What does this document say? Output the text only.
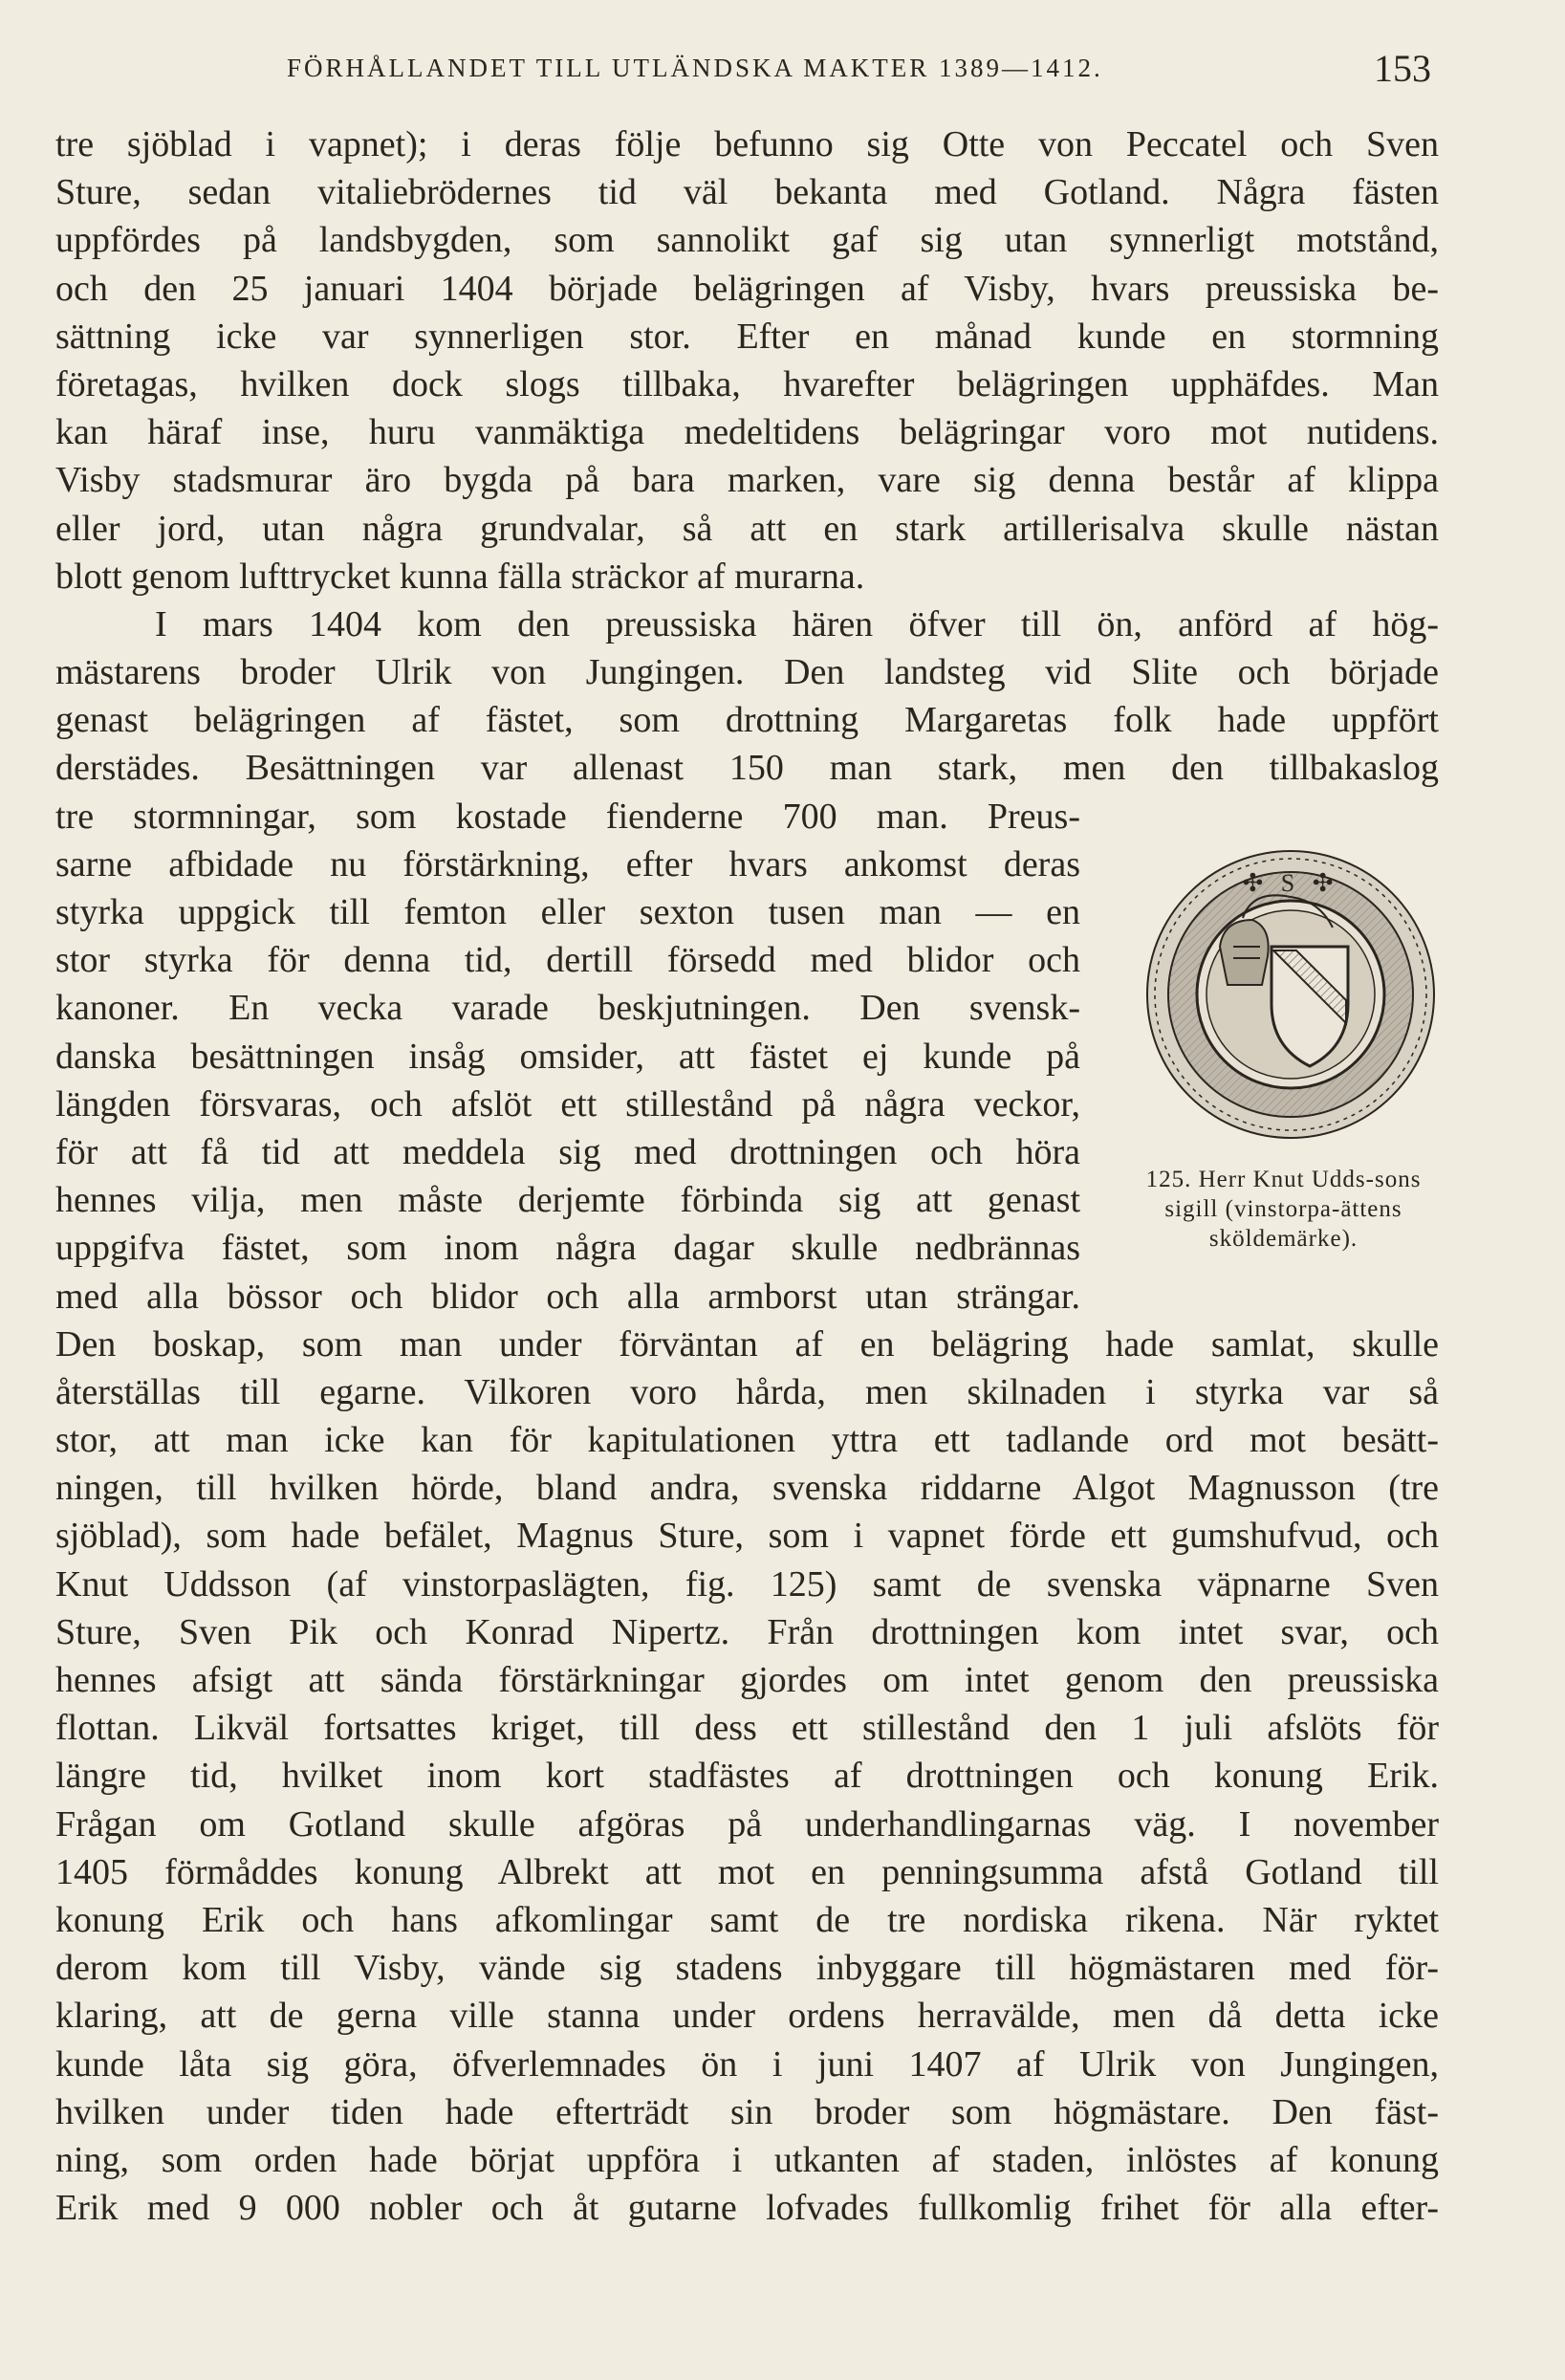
FÖRHÅLLANDET TILL UTLÄNDSKA MAKTER 1389—1412.	153
tre sjöblad i vapnet); i deras följe befunno sig Otte von Peccatel och Sven
Sture, sedan vitaliebrödernes tid väl bekanta med Gotland. Några fästen
uppfördes på landsbygden, som sannolikt gaf sig utan synnerligt motstånd,
och den 25 januari 1404 började belägringen af Visby, hvars preussiska be-
sättning icke var synnerligen stor. Efter en månad kunde en stormning
företagas, hvilken dock slogs tillbaka, hvarefter belägringen upphäfdes. Man
kan häraf inse, huru vanmäktiga medeltidens belägringar voro mot nutidens.
Visby stadsmurar äro bygda på bara marken, vare sig denna består af klippa
eller jord, utan några grundvalar, så att en stark artillerisalva skulle nästan
blott genom lufttrycket kunna fälla sträckor af murarna.
I mars 1404 kom den preussiska hären öfver till ön, anförd af hög-
mästarens broder Ulrik von Jungingen. Den landsteg vid Slite och började
genast belägringen af fästet, som drottning Margaretas folk hade uppfört
derstädes. Besättningen var allenast 150 man stark, men den tillbakaslog
tre stormningar, som kostade fienderne 700 man. Preus-
sarne afbidade nu förstärkning, efter hvars ankomst deras
styrka uppgick till femton eller sexton tusen man — en
stor styrka för denna tid, dertill försedd med blidor och
kanoner. En vecka varade beskjutningen. Den svensk-
danska besättningen insåg omsider, att fästet ej kunde på
längden försvaras, och afslöt ett stillestånd på några veckor,
för att få tid att meddela sig med drottningen och höra
hennes vilja, men måste derjemte förbinda sig att genast
uppgifva fästet, som inom några dagar skulle nedbrännas
med alla bössor och blidor och alla armborst utan strängar.
Den boskap, som man under förväntan af en belägring hade samlat, skulle
återställas till egarne. Vilkoren voro hårda, men skilnaden i styrka var så
stor, att man icke kan för kapitulationen yttra ett tadlande ord mot besätt-
ningen, till hvilken hörde, bland andra, svenska riddarne Algot Magnusson (tre
sjöblad), som hade befälet, Magnus Sture, som i vapnet förde ett gumshufvud, och
Knut Uddsson (af vinstorpaslägten, fig. 125) samt de svenska väpnarne Sven
Sture, Sven Pik och Konrad Nipertz. Från drottningen kom intet svar, och
hennes afsigt att sända förstärkningar gjordes om intet genom den preussiska
flottan. Likväl fortsattes kriget, till dess ett stillestånd den 1 juli afslöts för
längre tid, hvilket inom kort stadfästes af drottningen och konung Erik.
Frågan om Gotland skulle afgöras på underhandlingarnas väg. I november
1405 förmåddes konung Albrekt att mot en penningsumma afstå Gotland till
konung Erik och hans afkomlingar samt de tre nordiska rikena. När ryktet
derom kom till Visby, vände sig stadens inbyggare till högmästaren med för-
klaring, att de gerna ville stanna under ordens herravälde, men då detta icke
kunde låta sig göra, öfverlemnades ön i juni 1407 af Ulrik von Jungingen,
hvilken under tiden hade efterträdt sin broder som högmästare. Den fäst-
ning, som orden hade börjat uppföra i utkanten af staden, inlöstes af konung
Erik med 9 000 nobler och åt gutarne lofvades fullkomlig frihet för alla efter-
✣ S ✣
125. Herr Knut Udds-sons sigill (vinstorpa-ättens sköldemärke).
